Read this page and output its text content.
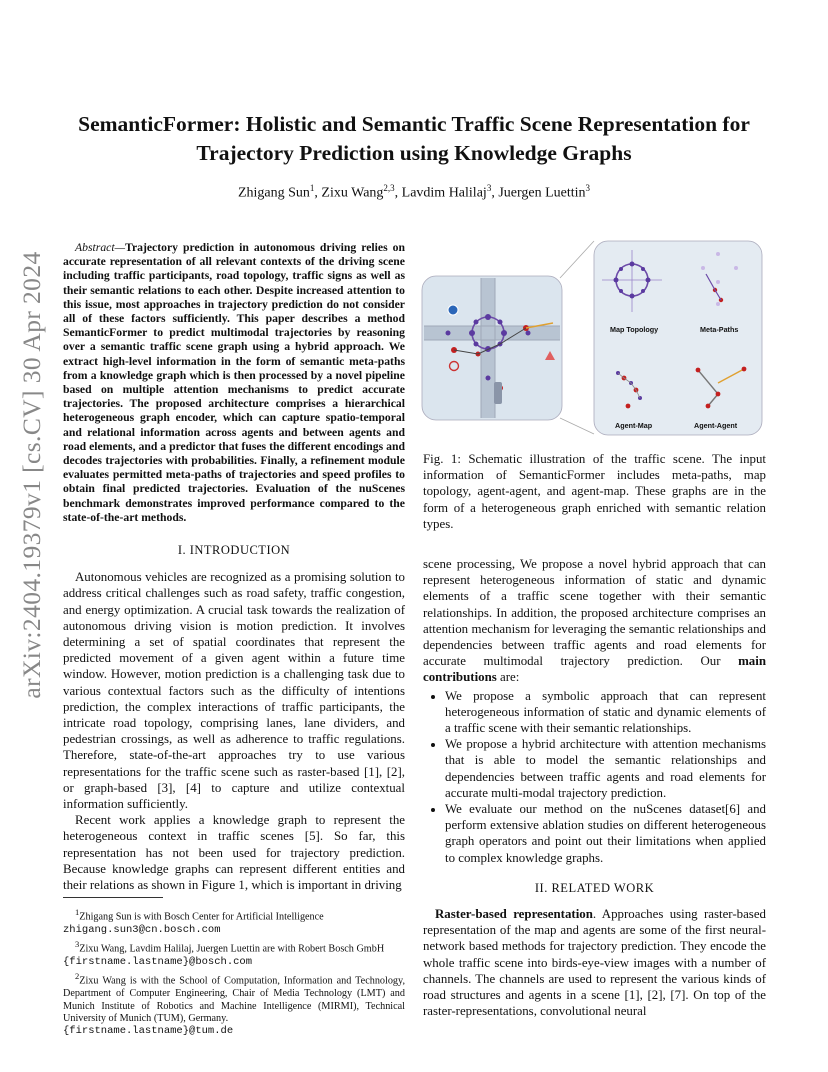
arXiv:2404.19379v1 [cs.CV] 30 Apr 2024
SemanticFormer: Holistic and Semantic Traffic Scene Representation for Trajectory Prediction using Knowledge Graphs
Zhigang Sun$^1$, Zixu Wang$^{2,3}$, Lavdim Halilaj$^3$, Juergen Luettin$^3$

Abstract—Trajectory prediction in autonomous driving relies on accurate representation of all relevant contexts of the driving scene including traffic participants, road topology, traffic signs as well as their semantic relations to each other. Despite increased attention to this issue, most approaches in trajectory prediction do not consider all of these factors sufficiently. This paper describes a method SemanticFormer to predict multimodal trajectories by reasoning over a semantic traffic scene graph using a hybrid approach. We extract high-level information in the form of semantic meta-paths from a knowledge graph which is then processed by a novel pipeline based on multiple attention mechanisms to predict accurate trajectories. The proposed architecture comprises a hierarchical heterogeneous graph encoder, which can capture spatio-temporal and relational information across agents and between agents and road elements, and a predictor that fuses the different encodings and decodes trajectories with probabilities. Finally, a refinement module evaluates permitted meta-paths of trajectories and speed profiles to obtain final predicted trajectories. Evaluation of the nuScenes benchmark demonstrates improved performance compared to the state-of-the-art methods.

I. INTRODUCTION

Autonomous vehicles are recognized as a promising solution to address critical challenges such as road safety, traffic congestion, and energy optimization. A crucial task towards the realization of autonomous driving vision is motion prediction. It involves determining a set of spatial coordinates that represent the predicted movement of a given agent within a future time window. However, motion prediction is a challenging task due to various contextual factors such as the difficulty of intentions prediction, the complex interactions of traffic participants, the intricate road topology, comprising lanes, lane dividers, and pedestrian crossings, as well as adherence to traffic regulations. Therefore, state-of-the-art approaches try to use various representations for the traffic scene such as raster-based [1], [2], or graph-based [3], [4] to capture and utilize contextual information sufficiently.

Recent work applies a knowledge graph to represent the heterogeneous context in traffic scenes [5]. So far, this representation has not been used for trajectory prediction. Because knowledge graphs can represent different entities and their relations as shown in Figure 1, which is important in driving

$^1$Zhigang Sun is with Bosch Center for Artificial Intelligence
zhigang.sun3@cn.bosch.com
$^3$Zixu Wang, Lavdim Halilaj, Juergen Luettin are with Robert Bosch GmbH
{firstname.lastname}@bosch.com
$^2$Zixu Wang is with the School of Computation, Information and Technology, Department of Computer Engineering, Chair of Media Technology (LMT) and Munich Institute of Robotics and Machine Intelligence (MIRMI), Technical University of Munich (TUM), Germany.
{firstname.lastname}@tum.de
Map Topology	Meta-Paths
Agent-Map	Agent-Agent
Fig. 1: Schematic illustration of the traffic scene. The input information of SemanticFormer includes meta-paths, map topology, agent-agent, and agent-map. These graphs are in the form of a heterogeneous graph enriched with semantic relation types.

scene processing, We propose a novel hybrid approach that can represent heterogeneous information of static and dynamic elements of a traffic scene together with their semantic relationships. In addition, the proposed architecture comprises an attention mechanism for leveraging the semantic relationships and dependencies between traffic agents and road elements for accurate multimodal trajectory prediction. Our main contributions are:

• We propose a symbolic approach that can represent heterogeneous information of static and dynamic elements of a traffic scene with their semantic relationships.
• We propose a hybrid architecture with attention mechanisms that is able to model the semantic relationships and dependencies between traffic agents and road elements for accurate multi-modal trajectory prediction.
• We evaluate our method on the nuScenes dataset[6] and perform extensive ablation studies on different heterogeneous graph operators and point out their limitations when applied to complex knowledge graphs.

II. RELATED WORK

Raster-based representation. Approaches using raster-based representation of the map and agents are some of the first neural-network based methods for trajectory prediction. They encode the whole traffic scene into birds-eye-view images with a number of channels. The channels are used to represent the various kinds of road structures and agents in a scene [1], [2], [7]. On top of the raster-representations, convolutional neural
